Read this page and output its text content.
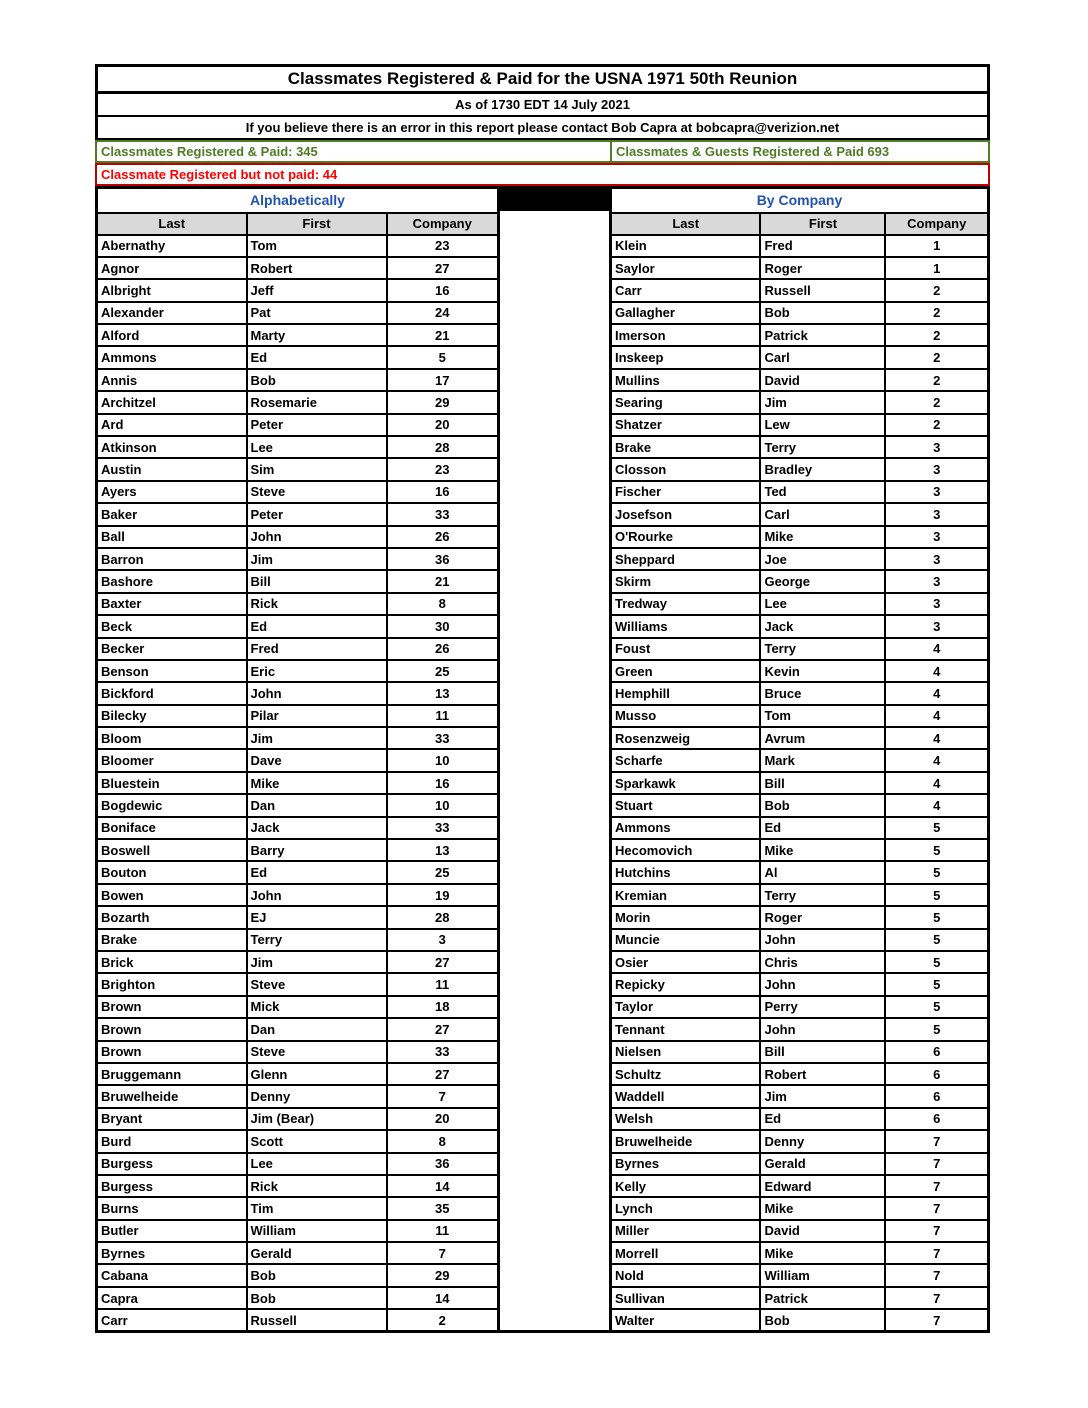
Classmates Registered & Paid for the USNA 1971 50th Reunion
As of 1730 EDT 14 July 2021
If you believe there is an error in this report please contact Bob Capra at bobcapra@verizion.net
Classmates Registered & Paid: 345	Classmates & Guests Registered & Paid 693
Classmate Registered but not paid: 44
Alphabetically		
Last	First	Company
Abernathy	Tom	23
Agnor	Robert	27
Albright	Jeff	16
Alexander	Pat	24
Alford	Marty	21
Ammons	Ed	5
Annis	Bob	17
Architzel	Rosemarie	29
Ard	Peter	20
Atkinson	Lee	28
Austin	Sim	23
Ayers	Steve	16
Baker	Peter	33
Ball	John	26
Barron	Jim	36
Bashore	Bill	21
Baxter	Rick	8
Beck	Ed	30
Becker	Fred	26
Benson	Eric	25
Bickford	John	13
Bilecky	Pilar	11
Bloom	Jim	33
Bloomer	Dave	10
Bluestein	Mike	16
Bogdewic	Dan	10
Boniface	Jack	33
Boswell	Barry	13
Bouton	Ed	25
Bowen	John	19
Bozarth	EJ	28
Brake	Terry	3
Brick	Jim	27
Brighton	Steve	11
Brown	Mick	18
Brown	Dan	27
Brown	Steve	33
Bruggemann	Glenn	27
Bruwelheide	Denny	7
Bryant	Jim (Bear)	20
Burd	Scott	8
Burgess	Lee	36
Burgess	Rick	14
Burns	Tim	35
Butler	William	11
Byrnes	Gerald	7
Cabana	Bob	29
Capra	Bob	14
Carr	Russell	2
By Company		
Last	First	Company
Klein	Fred	1
Saylor	Roger	1
Carr	Russell	2
Gallagher	Bob	2
Imerson	Patrick	2
Inskeep	Carl	2
Mullins	David	2
Searing	Jim	2
Shatzer	Lew	2
Brake	Terry	3
Closson	Bradley	3
Fischer	Ted	3
Josefson	Carl	3
O'Rourke	Mike	3
Sheppard	Joe	3
Skirm	George	3
Tredway	Lee	3
Williams	Jack	3
Foust	Terry	4
Green	Kevin	4
Hemphill	Bruce	4
Musso	Tom	4
Rosenzweig	Avrum	4
Scharfe	Mark	4
Sparkawk	Bill	4
Stuart	Bob	4
Ammons	Ed	5
Hecomovich	Mike	5
Hutchins	Al	5
Kremian	Terry	5
Morin	Roger	5
Muncie	John	5
Osier	Chris	5
Repicky	John	5
Taylor	Perry	5
Tennant	John	5
Nielsen	Bill	6
Schultz	Robert	6
Waddell	Jim	6
Welsh	Ed	6
Bruwelheide	Denny	7
Byrnes	Gerald	7
Kelly	Edward	7
Lynch	Mike	7
Miller	David	7
Morrell	Mike	7
Nold	William	7
Sullivan	Patrick	7
Walter	Bob	7
